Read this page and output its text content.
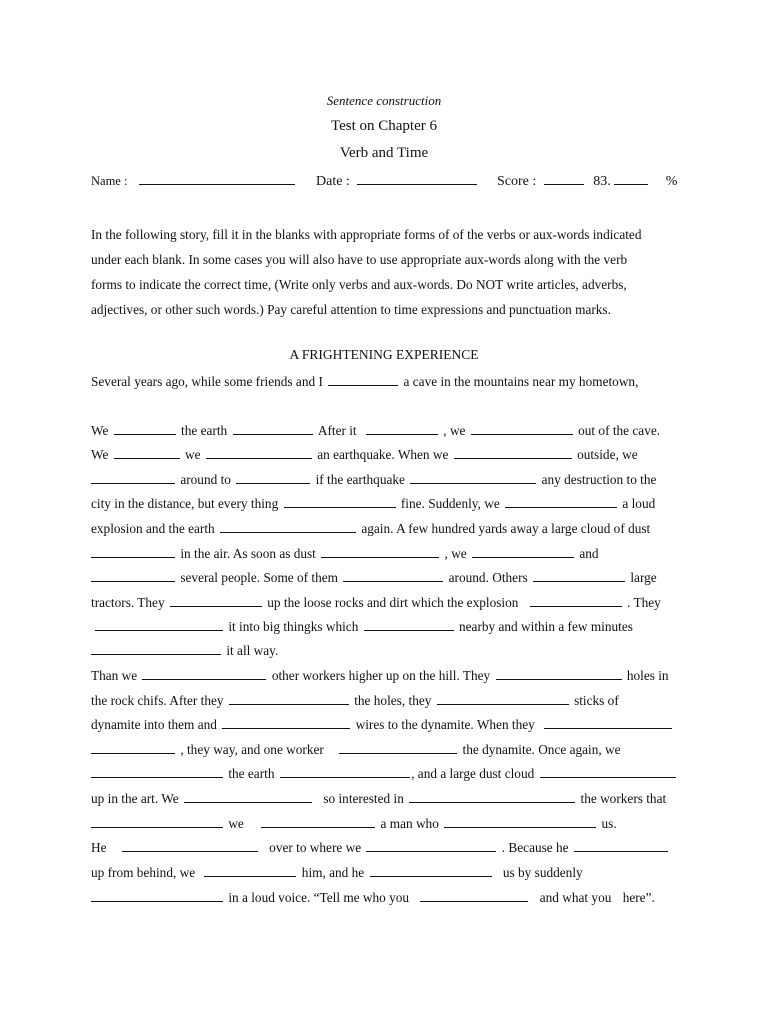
Sentence construction
Test on Chapter 6
Verb and Time
Name :	Date :	Score :	83.	%

In the following story, fill it in the blanks with appropriate forms of of the verbs or aux-words indicated

under each blank. In some cases you will also have to use appropriate aux-words along with the verb

forms to indicate the correct time, (Write only verbs and aux-words. Do NOT write articles, adverbs,

adjectives, or other such words.) Pay careful attention to time expressions and punctuation marks.

A FRIGHTENING EXPERIENCE
Several years ago, while some friends and I	a cave in the mountains near my hometown,
We	the earth	After it	, we	out of the cave.
We	we	an earthquake. When we	outside, we
around to	if the earthquake	any destruction to the
city in the distance, but every thing	fine. Suddenly, we	a loud
explosion and the earth	again. A few hundred yards away a large cloud of dust
in the air. As soon as dust	, we	and
several people. Some of them	around. Others	large
tractors. They	up the loose rocks and dirt which the explosion	. They
it into big thingks which	nearby and within a few minutes
it all way.
Than we	other workers higher up on the hill. They	holes in
the rock chifs. After they	the holes, they	sticks of
dynamite into them and	wires to the dynamite. When they
, they way, and one worker	the dynamite. Once again, we
the earth	, and a large dust cloud
up in the art. We	so interested in	the workers that
we	a man who	us.
He	over to where we	. Because he
up from behind, we	him, and he	us by suddenly
in a loud voice. “Tell me who you	and what you here”.
